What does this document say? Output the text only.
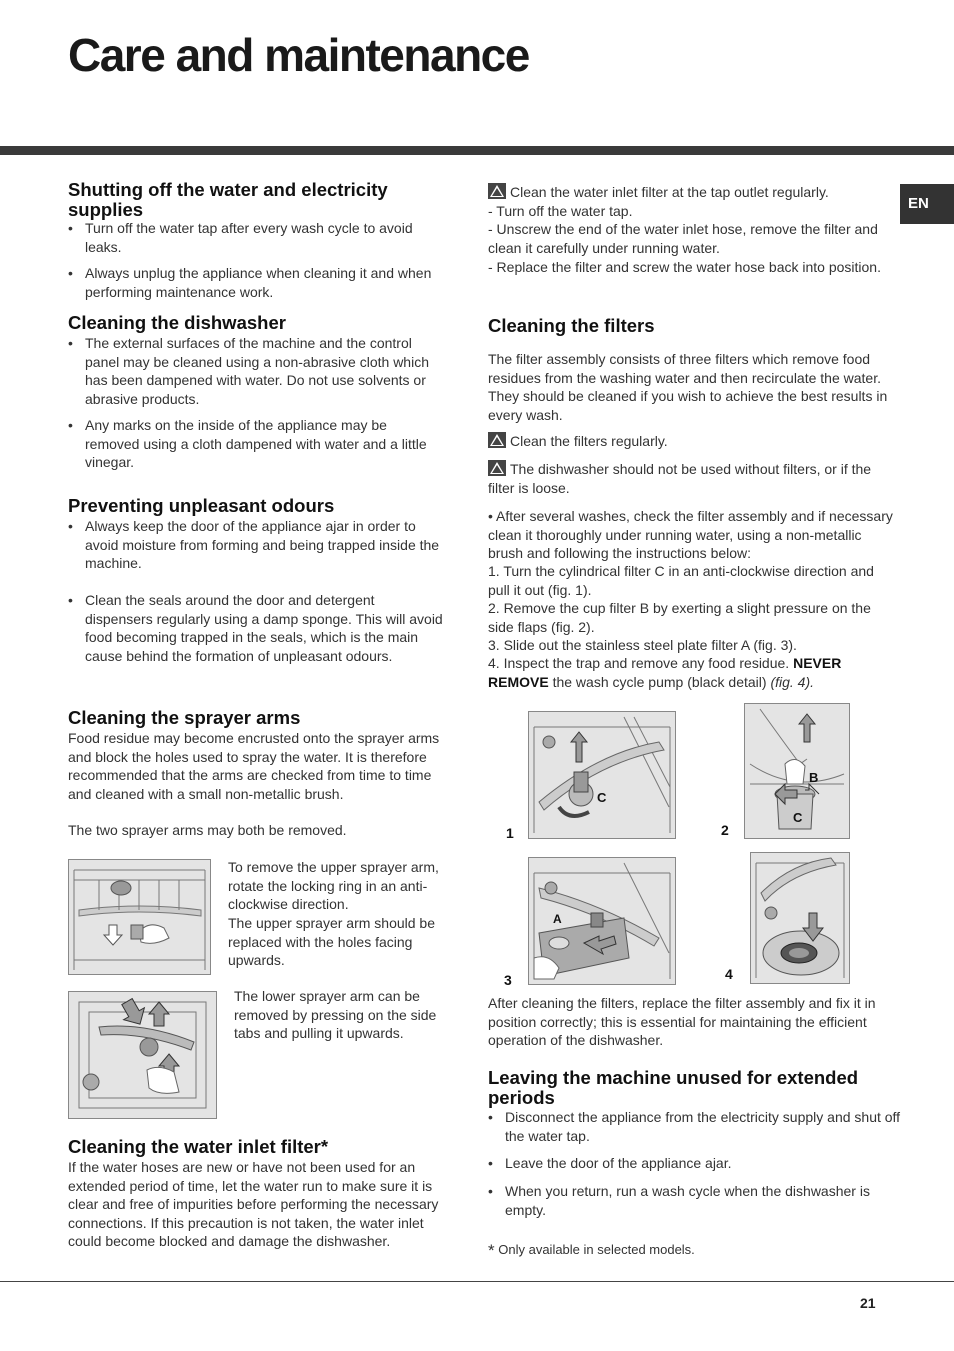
Care and maintenance
EN
Shutting off the water and electricity supplies
• Turn off the water tap after every wash cycle to avoid leaks.
• Always unplug the appliance when cleaning it and when performing maintenance work.
Cleaning the dishwasher
• The external surfaces of the machine and the control panel may be cleaned using a non-abrasive cloth which has been dampened with water. Do not use solvents or abrasive products.
• Any marks on the inside of the appliance may be removed using a cloth dampened with water and a little vinegar.
Preventing unpleasant odours
• Always keep the door of the appliance ajar in order to avoid moisture from forming and being trapped inside the machine.
• Clean the seals around the door and detergent dispensers regularly using a damp sponge. This will avoid food becoming trapped in the seals, which is the main cause behind the formation of unpleasant odours.
Cleaning the sprayer arms

Food residue may become encrusted onto the sprayer arms and block the holes used to spray the water. It is therefore recommended that the arms are checked from time to time and cleaned with a small non-metallic brush.

The two sprayer arms may both be removed.

To remove the upper sprayer arm, rotate the locking ring in an anti-clockwise direction.

The upper sprayer arm should be replaced with the holes facing upwards.

The lower sprayer arm can be removed by pressing on the side tabs and pulling it upwards.

Cleaning the water inlet filter*

If the water hoses are new or have not been used for an extended period of time, let the water run to make sure it is clear and free of impurities before performing the necessary connections. If this precaution is not taken, the water inlet could become blocked and damage the dishwasher.

Clean the water inlet filter at the tap outlet regularly.

- Turn off the water tap.

- Unscrew the end of the water inlet hose, remove the filter and clean it carefully under running water.

- Replace the filter and screw the water hose back into position.

Cleaning the filters

The filter assembly consists of three filters which remove food residues from the washing water and then recirculate the water. They should be cleaned if you wish to achieve the best results in every wash.

Clean the filters regularly.

The dishwasher should not be used without filters, or if the filter is loose.

• After several washes, check the filter assembly and if necessary clean it thoroughly under running water, using a non-metallic brush and following the instructions below:

1. Turn the cylindrical filter C in an anti-clockwise direction and pull it out (fig. 1).

2. Remove the cup filter B by exerting a slight pressure on the side flaps (fig. 2).

3. Slide out the stainless steel plate filter A (fig. 3).

4. Inspect the trap and remove any food residue. NEVER REMOVE the wash cycle pump (black detail) (fig. 4).

C
1
B
C
2
A
3	4

After cleaning the filters, replace the filter assembly and fix it in position correctly; this is essential for maintaining the efficient operation of the dishwasher.

Leaving the machine unused for extended periods
• Disconnect the appliance from the electricity supply and shut off the water tap.
• Leave the door of the appliance ajar.
• When you return, run a wash cycle when the dishwasher is empty.

* Only available in selected models.

21
